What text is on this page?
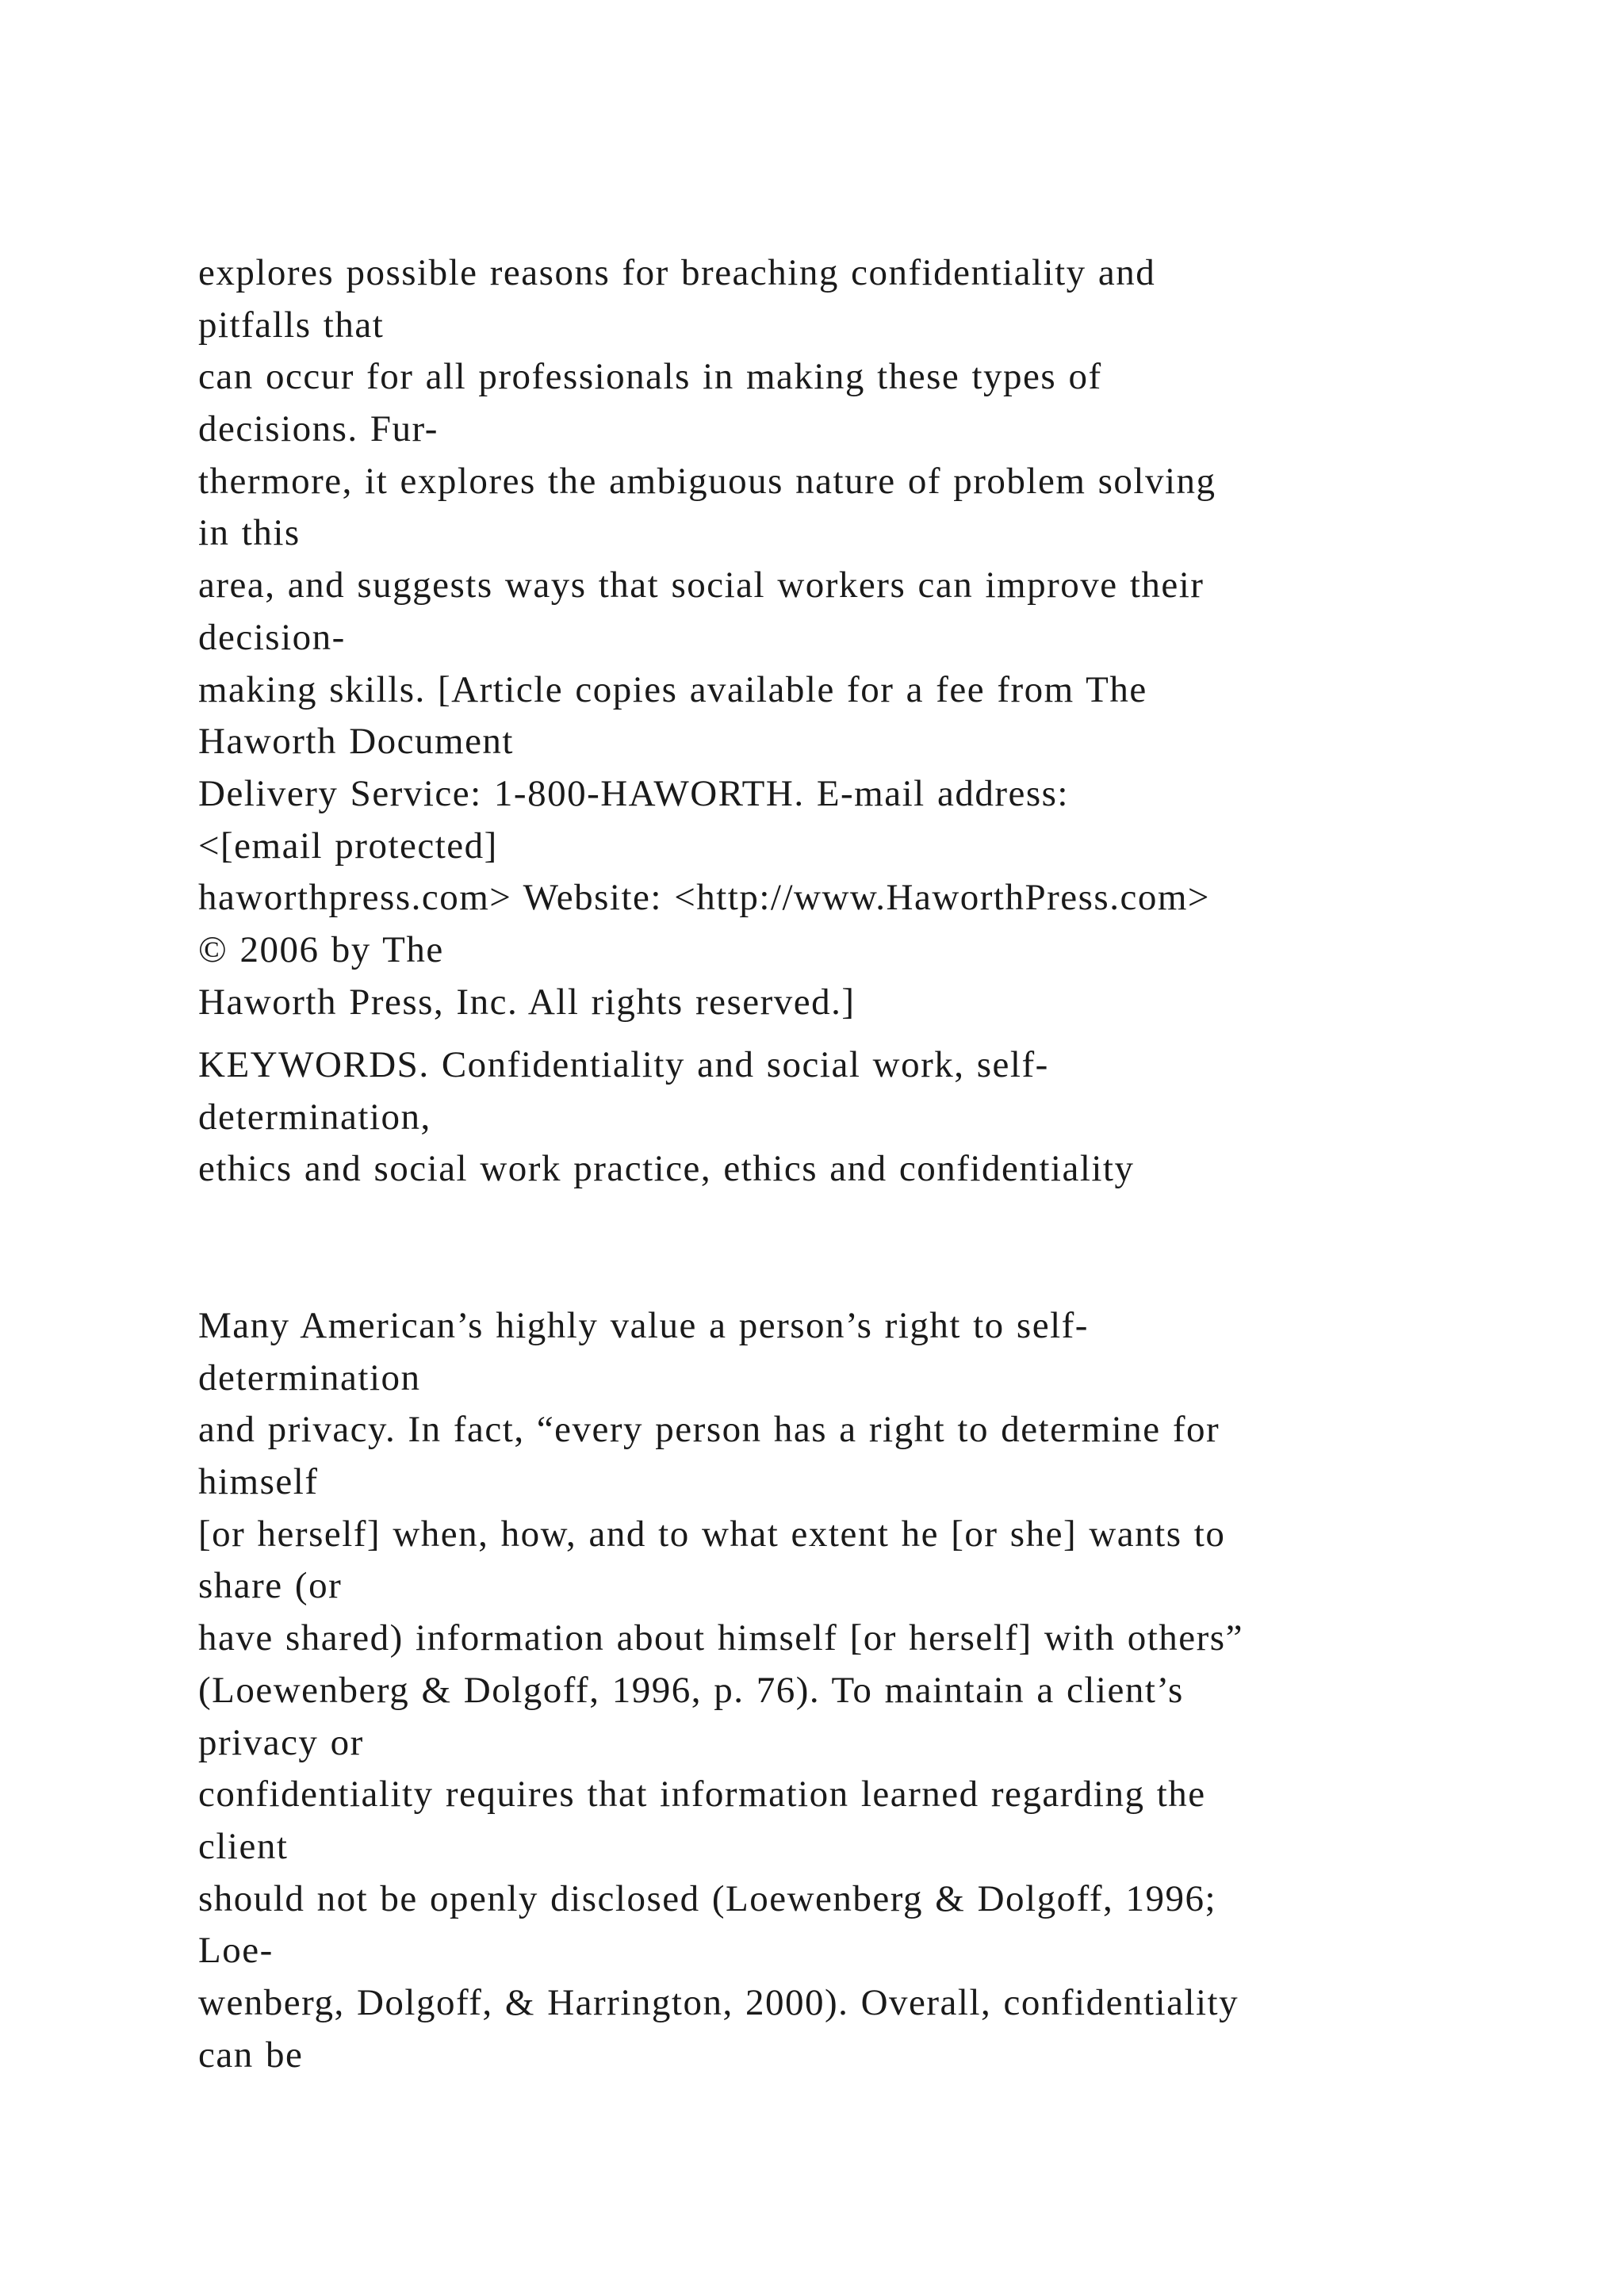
explores possible reasons for breaching confidentiality and
pitfalls that
can occur for all professionals in making these types of
decisions. Fur-
thermore, it explores the ambiguous nature of problem solving
in this
area, and suggests ways that social workers can improve their
decision-
making skills. [Article copies available for a fee from The
Haworth Document
Delivery Service: 1-800-HAWORTH. E-mail address:
<[email protected]
haworthpress.com> Website: <http://www.HaworthPress.com>
© 2006 by The
Haworth Press, Inc. All rights reserved.]
KEYWORDS. Confidentiality and social work, self-
determination,
ethics and social work practice, ethics and confidentiality
Many American’s highly value a person’s right to self-
determination
and privacy. In fact, “every person has a right to determine for
himself
[or herself] when, how, and to what extent he [or she] wants to
share (or
have shared) information about himself [or herself] with others”
(Loewenberg & Dolgoff, 1996, p. 76). To maintain a client’s
privacy or
confidentiality requires that information learned regarding the
client
should not be openly disclosed (Loewenberg & Dolgoff, 1996;
Loe-
wenberg, Dolgoff, & Harrington, 2000). Overall, confidentiality
can be
